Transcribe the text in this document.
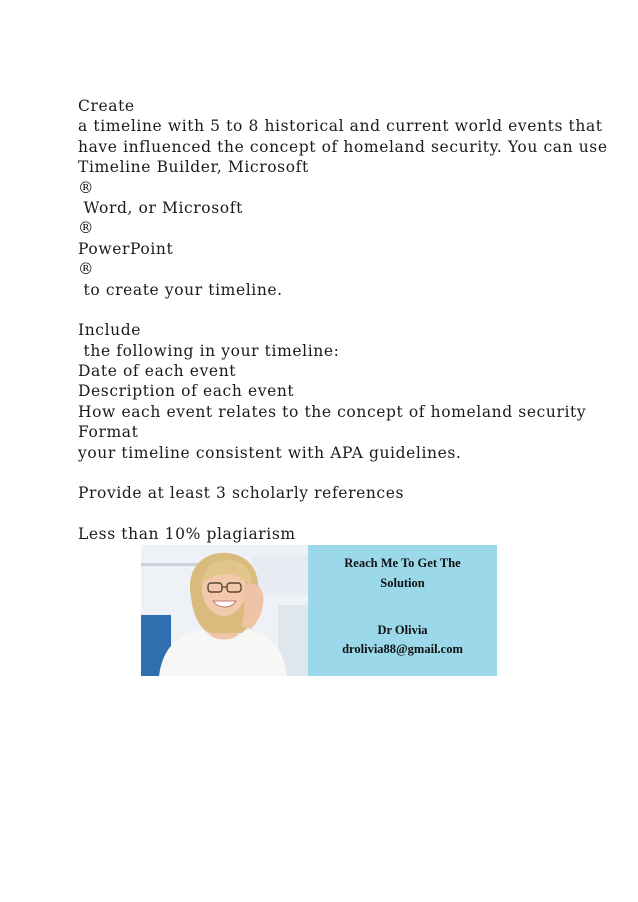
Create
a timeline with 5 to 8 historical and current world events that
have influenced the concept of homeland security. You can use
Timeline Builder, Microsoft
®
Word, or Microsoft
®
PowerPoint
®
to create your timeline.
Include
the following in your timeline:
Date of each event
Description of each event
How each event relates to the concept of homeland security
Format
your timeline consistent with APA guidelines.
Provide at least 3 scholarly references
Less than 10% plagiarism
Reach Me To Get The
Solution
Dr Olivia
drolivia88@gmail.com
